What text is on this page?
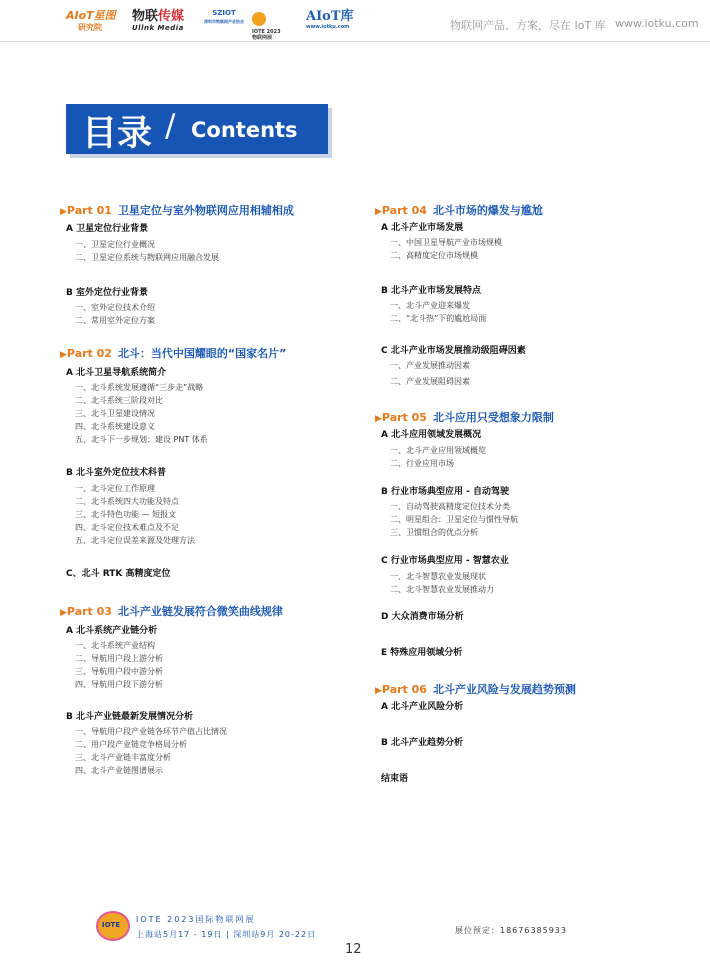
AIoT星图
研究院
物联传媒
Ullnk Media
SZIOT
深圳市物联网产业协会
IOTE 2023
物联网展
AIoT库
www.iotku.com	物联网产品、方案，尽在 IoT 库 www.iotku.com
目录 / Contents
▶Part 01 卫星定位与室外物联网应用相辅相成
A 卫星定位行业背景
一、卫星定位行业概况
二、卫星定位系统与物联网应用融合发展
B 室外定位行业背景
一、室外定位技术介绍
二、常用室外定位方案
▶Part 02 北斗：当代中国耀眼的“国家名片”
A 北斗卫星导航系统简介
一、北斗系统发展遵循“三步走”战略
二、北斗系统三阶段对比
三、北斗卫星建设情况
四、北斗系统建设意义
五、北斗下一步规划：建设 PNT 体系
B 北斗室外定位技术科普
一、北斗定位工作原理
二、北斗系统四大功能及特点
三、北斗特色功能 — 短报文
四、北斗定位技术难点及不足
五、北斗定位误差来源及处理方法
C、北斗 RTK 高精度定位
▶Part 03 北斗产业链发展符合微笑曲线规律
A 北斗系统产业链分析
一、北斗系统产业结构
二、导航用户段上游分析
三、导航用户段中游分析
四、导航用户段下游分析
B 北斗产业链最新发展情况分析
一、导航用户段产业链各环节产值占比情况
二、用户段产业链竞争格局分析
三、北斗产业链丰富度分析
四、北斗产业链图谱展示
▶Part 04 北斗市场的爆发与尴尬
A 北斗产业市场发展
一、中国卫星导航产业市场规模
二、高精度定位市场规模
B 北斗产业市场发展特点
一、北斗产业迎来爆发
二、“北斗热”下的尴尬局面
C 北斗产业市场发展推动级阻碍因素
一、产业发展推动因素
二、产业发展阻碍因素
▶Part 05 北斗应用只受想象力限制
A 北斗应用领域发展概况
一、北斗产业应用领域概览
二、行业应用市场
B 行业市场典型应用 - 自动驾驶
一、自动驾驶高精度定位技术分类
二、明星组合：卫星定位与惯性导航
三、卫惯组合的优点分析
C 行业市场典型应用 - 智慧农业
一、北斗智慧农业发展现状
二、北斗智慧农业发展推动力
D 大众消费市场分析
E 特殊应用领域分析
▶Part 06 北斗产业风险与发展趋势预测
A 北斗产业风险分析
B 北斗产业趋势分析
结束语
IOTE
IOTE 2023国际物联网展
上海站5月17 - 19日 | 深圳站9月 20-22日	展位预定：18676385933
12
